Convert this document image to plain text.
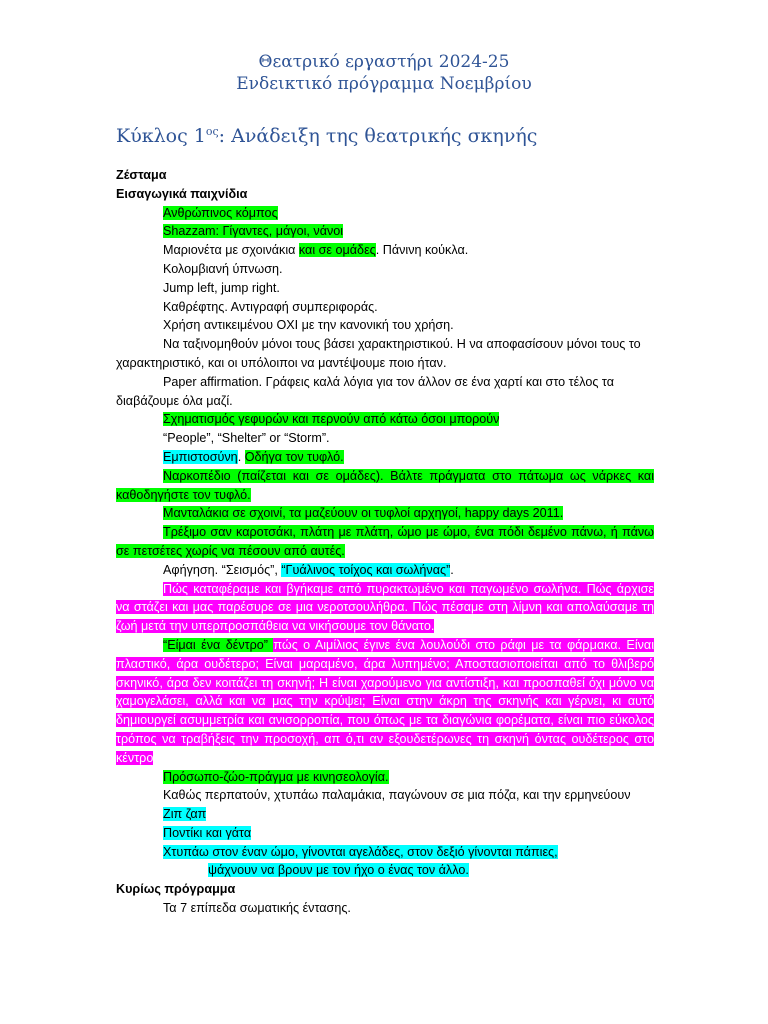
Θεατρικό εργαστήρι 2024-25
Ενδεικτικό πρόγραμμα Νοεμβρίου
Κύκλος $1^{o\varsigma}$: Ανάδειξη της θεατρικής σκηνής

Ζέσταμα

Εισαγωγικά παιχνίδια

Ανθρώπινος κόμπος

Shazzam: Γίγαντες, μάγοι, νάνοι

Μαριονέτα με σχοινάκια και σε ομάδες. Πάνινη κούκλα.

Κολομβιανή ύπνωση.

Jump left, jump right.

Καθρέφτης. Αντιγραφή συμπεριφοράς.

Χρήση αντικειμένου ΟΧΙ με την κανονική του χρήση.

Να ταξινομηθούν μόνοι τους βάσει χαρακτηριστικού. Η να αποφασίσουν μόνοι τους το χαρακτηριστικό, και οι υπόλοιποι να μαντέψουμε ποιο ήταν.

Paper affirmation. Γράφεις καλά λόγια για τον άλλον σε ένα χαρτί και στο τέλος τα διαβάζουμε όλα μαζί.

Σχηματισμός γεφυρών και περνούν από κάτω όσοι μπορούν

“People”, “Shelter” or “Storm”.

Εμπιστοσύνη. Οδήγα τον τυφλό.

Ναρκοπέδιο (παίζεται και σε ομάδες). Βάλτε πράγματα στο πάτωμα ως νάρκες και καθοδηγήστε τον τυφλό.

Μανταλάκια σε σχοινί, τα μαζεύουν οι τυφλοί αρχηγοί, happy days 2011.

Τρέξιμο σαν καροτσάκι, πλάτη με πλάτη, ώμο με ώμο, ένα πόδι δεμένο πάνω, ή πάνω σε πετσέτες χωρίς να πέσουν από αυτές.

Αφήγηση. “Σεισμός”, “Γυάλινος τοίχος και σωλήνας”.

Πώς καταφέραμε και βγήκαμε από πυρακτωμένο και παγωμένο σωλήνα. Πώς άρχισε να στάζει και μας παρέσυρε σε μια νεροτσουλήθρα. Πώς πέσαμε στη λίμνη και απολαύσαμε τη ζωή μετά την υπερπροσπάθεια να νικήσουμε τον θάνατο.

“Είμαι ένα δέντρο” πώς ο Αιμίλιος έγινε ένα λουλούδι στο ράφι με τα φάρμακα. Είναι πλαστικό, άρα ουδέτερο; Είναι μαραμένο, άρα λυπημένο; Αποστασιοποιείται από το θλιβερό σκηνικό, άρα δεν κοιτάζει τη σκηνή; Η είναι χαρούμενο για αντίστιξη, και προσπαθεί όχι μόνο να χαμογελάσει, αλλά και να μας την κρύψει; Είναι στην άκρη της σκηνής και γέρνει, κι αυτό δημιουργεί ασυμμετρία και ανισορροπία, που όπως με τα διαγώνια φορέματα, είναι πιο εύκολος τρόπος να τραβήξεις την προσοχή, απ ό,τι αν εξουδετέρωνες τη σκηνή όντας ουδέτερος στο κέντρο

Πρόσωπο-ζώο-πράγμα με κινησεολογία.

Καθώς περπατούν, χτυπάω παλαμάκια, παγώνουν σε μια πόζα, και την ερμηνεύουν

Ζιπ ζαπ

Ποντίκι και γάτα

Χτυπάω στον έναν ώμο, γίνονται αγελάδες, στον δεξιό γίνονται πάπιες,

ψάχνουν να βρουν με τον ήχο ο ένας τον άλλο.

Κυρίως πρόγραμμα

Τα 7 επίπεδα σωματικής έντασης.
